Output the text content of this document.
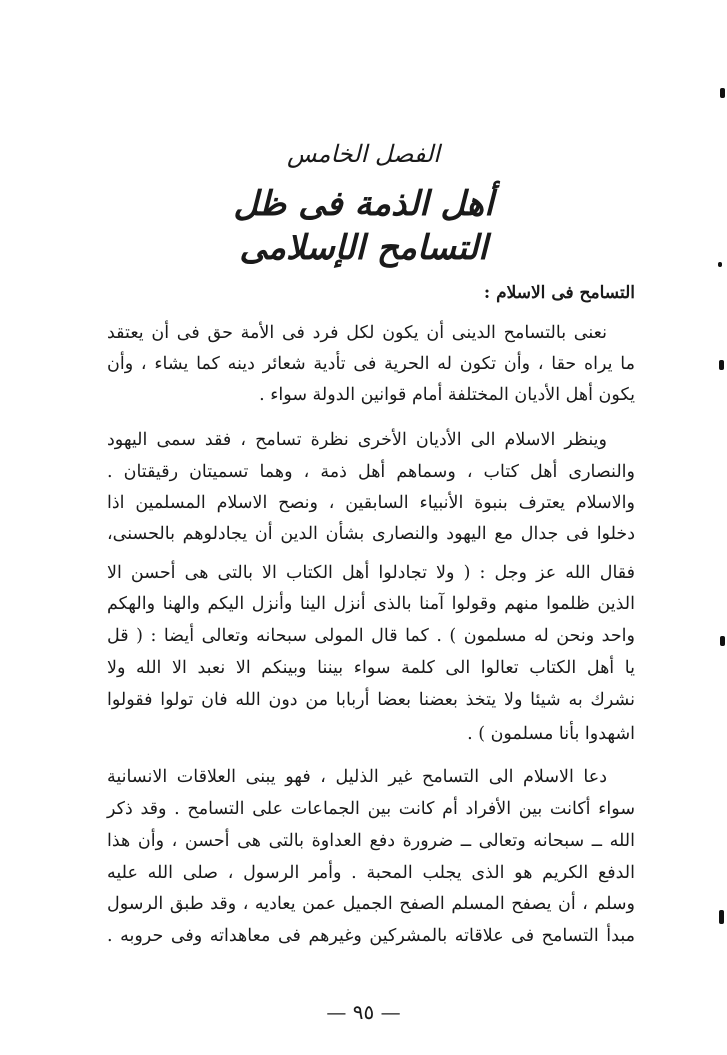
الفصل الخامس
أهل الذمة فى ظل
التسامح الإسلامى
التسامح فى الاسلام :
نعنى بالتسامح الدينى أن يكون لكل فرد فى الأمة حق فى أن يعتقد
ما يراه حقا ، وأن تكون له الحرية فى تأدية شعائر دينه كما يشاء ، وأن
يكون أهل الأديان المختلفة أمام قوانين الدولة سواء .
وينظر الاسلام الى الأديان الأخرى نظرة تسامح ، فقد سمى اليهود
والنصارى أهل كتاب ، وسماهم أهل ذمة ، وهما تسميتان رقيقتان .
والاسلام يعترف بنبوة الأنبياء السابقين ، ونصح الاسلام المسلمين اذا
دخلوا فى جدال مع اليهود والنصارى بشأن الدين أن يجادلوهم بالحسنى،
فقال الله عز وجل : ( ولا تجادلوا أهل الكتاب الا بالتى هى أحسن الا
الذين ظلموا منهم وقولوا آمنا بالذى أنزل الينا وأنزل اليكم والهنا والهكم
واحد ونحن له مسلمون ) . كما قال المولى سبحانه وتعالى أيضا : ( قل
يا أهل الكتاب تعالوا الى كلمة سواء بيننا وبينكم الا نعبد الا الله ولا
نشرك به شيئا ولا يتخذ بعضنا بعضا أربابا من دون الله فان تولوا فقولوا
اشهدوا بأنا مسلمون ) .
دعا الاسلام الى التسامح غير الذليل ، فهو يبنى العلاقات الانسانية
سواء أكانت بين الأفراد أم كانت بين الجماعات على التسامح . وقد ذكر
الله ــ سبحانه وتعالى ــ ضرورة دفع العداوة بالتى هى أحسن ، وأن هذا
الدفع الكريم هو الذى يجلب المحبة . وأمر الرسول ، صلى الله عليه
وسلم ، أن يصفح المسلم الصفح الجميل عمن يعاديه ، وقد طبق الرسول
مبدأ التسامح فى علاقاته بالمشركين وغيرهم فى معاهداته وفى حروبه .
— ٩٥ —
